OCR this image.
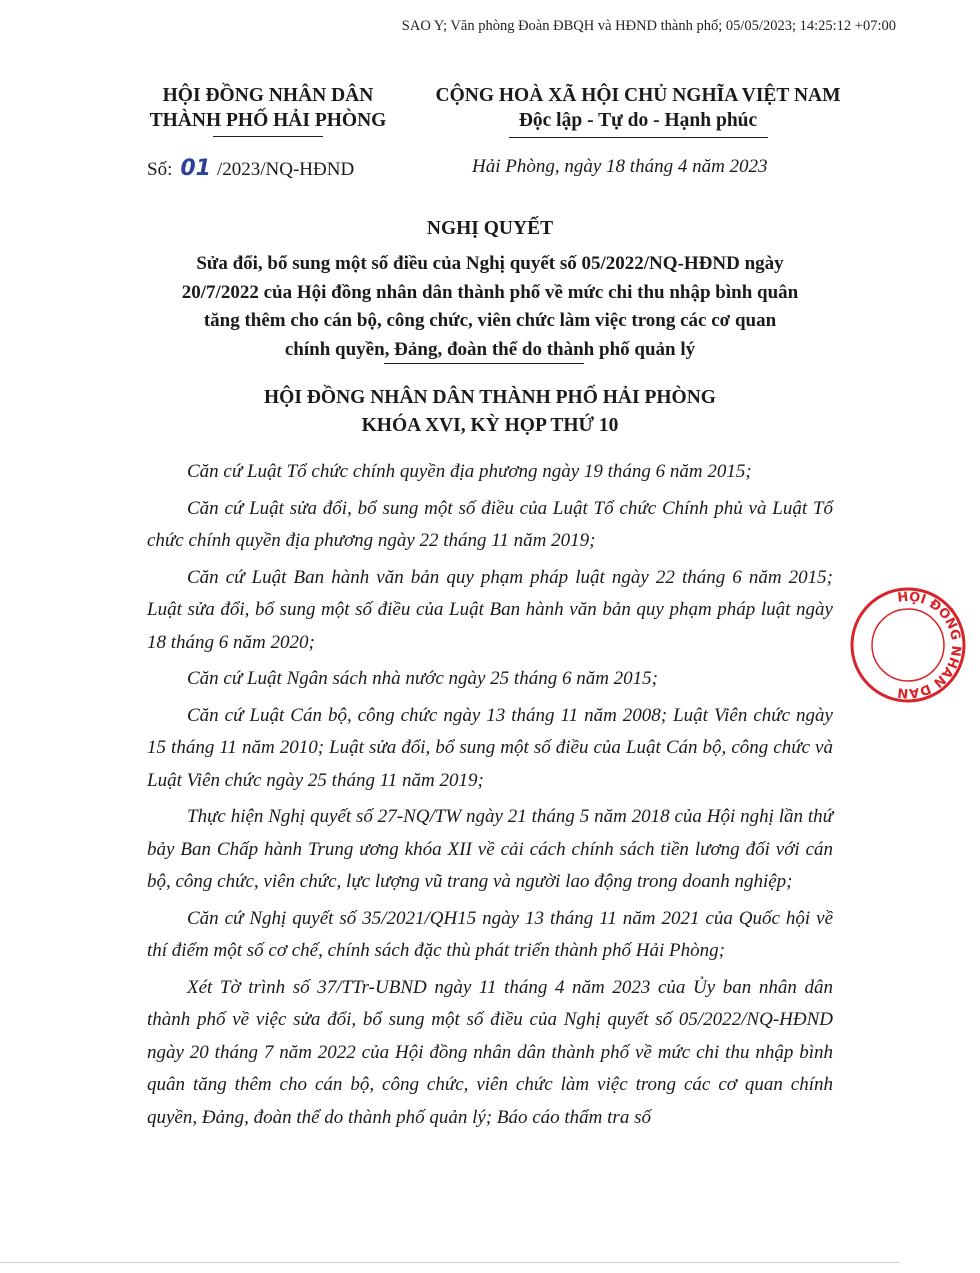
SAO Y; Văn phòng Đoàn ĐBQH và HĐND thành phố; 05/05/2023; 14:25:12 +07:00
HỘI ĐỒNG NHÂN DÂN
THÀNH PHỐ HẢI PHÒNG
CỘNG HOÀ XÃ HỘI CHỦ NGHĨA VIỆT NAM
Độc lập - Tự do - Hạnh phúc
Số: 01 /2023/NQ-HĐND	Hải Phòng, ngày 18 tháng 4 năm 2023
NGHỊ QUYẾT
Sửa đổi, bổ sung một số điều của Nghị quyết số 05/2022/NQ-HĐND ngày
20/7/2022 của Hội đồng nhân dân thành phố về mức chi thu nhập bình quân
tăng thêm cho cán bộ, công chức, viên chức làm việc trong các cơ quan
chính quyền, Đảng, đoàn thể do thành phố quản lý
HỘI ĐỒNG NHÂN DÂN THÀNH PHỐ HẢI PHÒNG
KHÓA XVI, KỲ HỌP THỨ 10

Căn cứ Luật Tổ chức chính quyền địa phương ngày 19 tháng 6 năm 2015;

Căn cứ Luật sửa đổi, bổ sung một số điều của Luật Tổ chức Chính phủ và Luật Tổ chức chính quyền địa phương ngày 22 tháng 11 năm 2019;

Căn cứ Luật Ban hành văn bản quy phạm pháp luật ngày 22 tháng 6 năm 2015; Luật sửa đổi, bổ sung một số điều của Luật Ban hành văn bản quy phạm pháp luật ngày 18 tháng 6 năm 2020;

Căn cứ Luật Ngân sách nhà nước ngày 25 tháng 6 năm 2015;

Căn cứ Luật Cán bộ, công chức ngày 13 tháng 11 năm 2008; Luật Viên chức ngày 15 tháng 11 năm 2010; Luật sửa đổi, bổ sung một số điều của Luật Cán bộ, công chức và Luật Viên chức ngày 25 tháng 11 năm 2019;

Thực hiện Nghị quyết số 27-NQ/TW ngày 21 tháng 5 năm 2018 của Hội nghị lần thứ bảy Ban Chấp hành Trung ương khóa XII về cải cách chính sách tiền lương đối với cán bộ, công chức, viên chức, lực lượng vũ trang và người lao động trong doanh nghiệp;

Căn cứ Nghị quyết số 35/2021/QH15 ngày 13 tháng 11 năm 2021 của Quốc hội về thí điểm một số cơ chế, chính sách đặc thù phát triển thành phố Hải Phòng;

Xét Tờ trình số 37/TTr-UBND ngày 11 tháng 4 năm 2023 của Ủy ban nhân dân thành phố về việc sửa đổi, bổ sung một số điều của Nghị quyết số 05/2022/NQ-HĐND ngày 20 tháng 7 năm 2022 của Hội đồng nhân dân thành phố về mức chi thu nhập bình quân tăng thêm cho cán bộ, công chức, viên chức làm việc trong các cơ quan chính quyền, Đảng, đoàn thể do thành phố quản lý; Báo cáo thẩm tra số

HỘI ĐỒNG NHÂN DÂN
